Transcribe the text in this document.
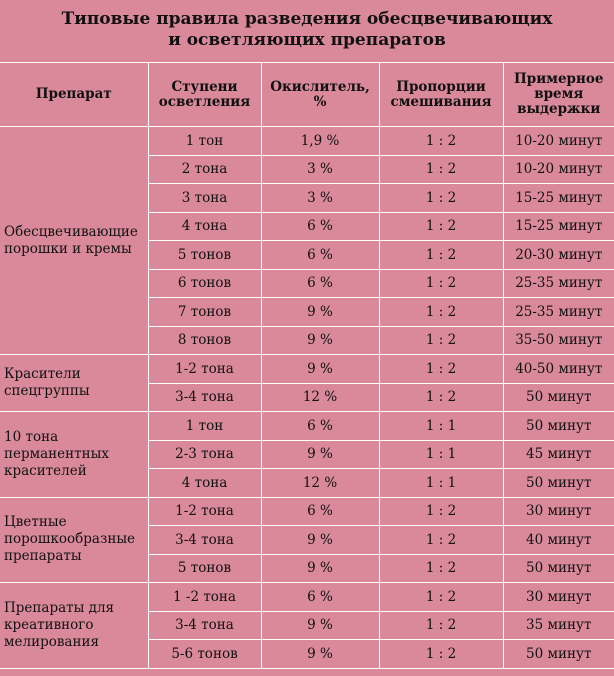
Типовые правила разведения обесцвечивающих
и осветляющих препаратов
Препарат	Ступени осветления	Окислитель, %	Пропорции смешивания	Примерное время выдержки
Обесцвечивающие порошки и кремы	1 тон	1,9 %	1 : 2	10-20 минут
	2 тона	3 %	1 : 2	10-20 минут
	3 тона	3 %	1 : 2	15-25 минут
	4 тона	6 %	1 : 2	15-25 минут
	5 тонов	6 %	1 : 2	20-30 минут
	6 тонов	6 %	1 : 2	25-35 минут
	7 тонов	9 %	1 : 2	25-35 минут
	8 тонов	9 %	1 : 2	35-50 минут
Красители спецгруппы	1-2 тона	9 %	1 : 2	40-50 минут
	3-4 тона	12 %	1 : 2	50 минут
10 тона перманентных красителей	1 тон	6 %	1 : 1	50 минут
	2-3 тона	9 %	1 : 1	45 минут
	4 тона	12 %	1 : 1	50 минут
Цветные порошкообразные препараты	1-2 тона	6 %	1 : 2	30 минут
	3-4 тона	9 %	1 : 2	40 минут
	5 тонов	9 %	1 : 2	50 минут
Препараты для креативного мелирования	1 -2 тона	6 %	1 : 2	30 минут
	3-4 тона	9 %	1 : 2	35 минут
	5-6 тонов	9 %	1 : 2	50 минут
